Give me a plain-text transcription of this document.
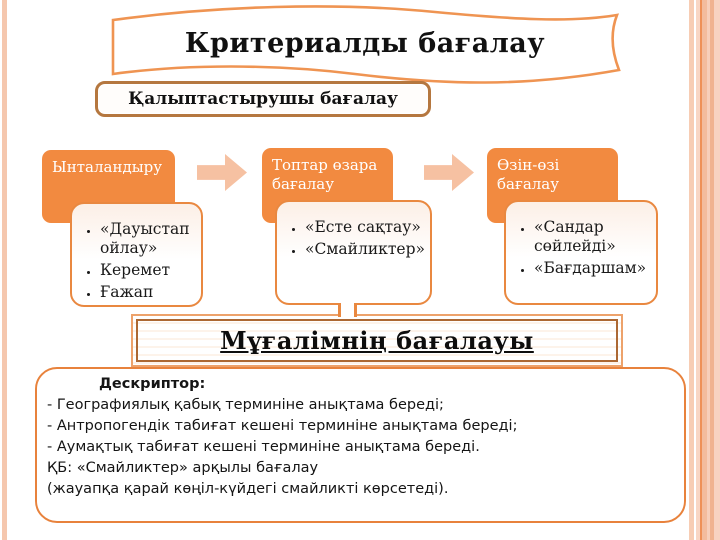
Критериалды бағалау
Қалыптастырушы бағалау
Ынталандыру
• «Дауыстап ойлау»
• Керемет
• Ғажап
Топтар өзара бағалау
• «Есте сақтау»
• «Смайликтер»
Өзін-өзі бағалау
• «Сандар сөйлейді»
• «Бағдаршам»
Мұғалімнің бағалауы
Дескриптор:
- Географиялық қабық терминіне анықтама береді;
- Антропогендік табиғат кешені терминіне анықтама береді;
- Аумақтық табиғат кешені терминіне анықтама береді.
ҚБ: «Смайликтер» арқылы бағалау
(жауапқа қарай көңіл-күйдегі смайликті көрсетеді).
